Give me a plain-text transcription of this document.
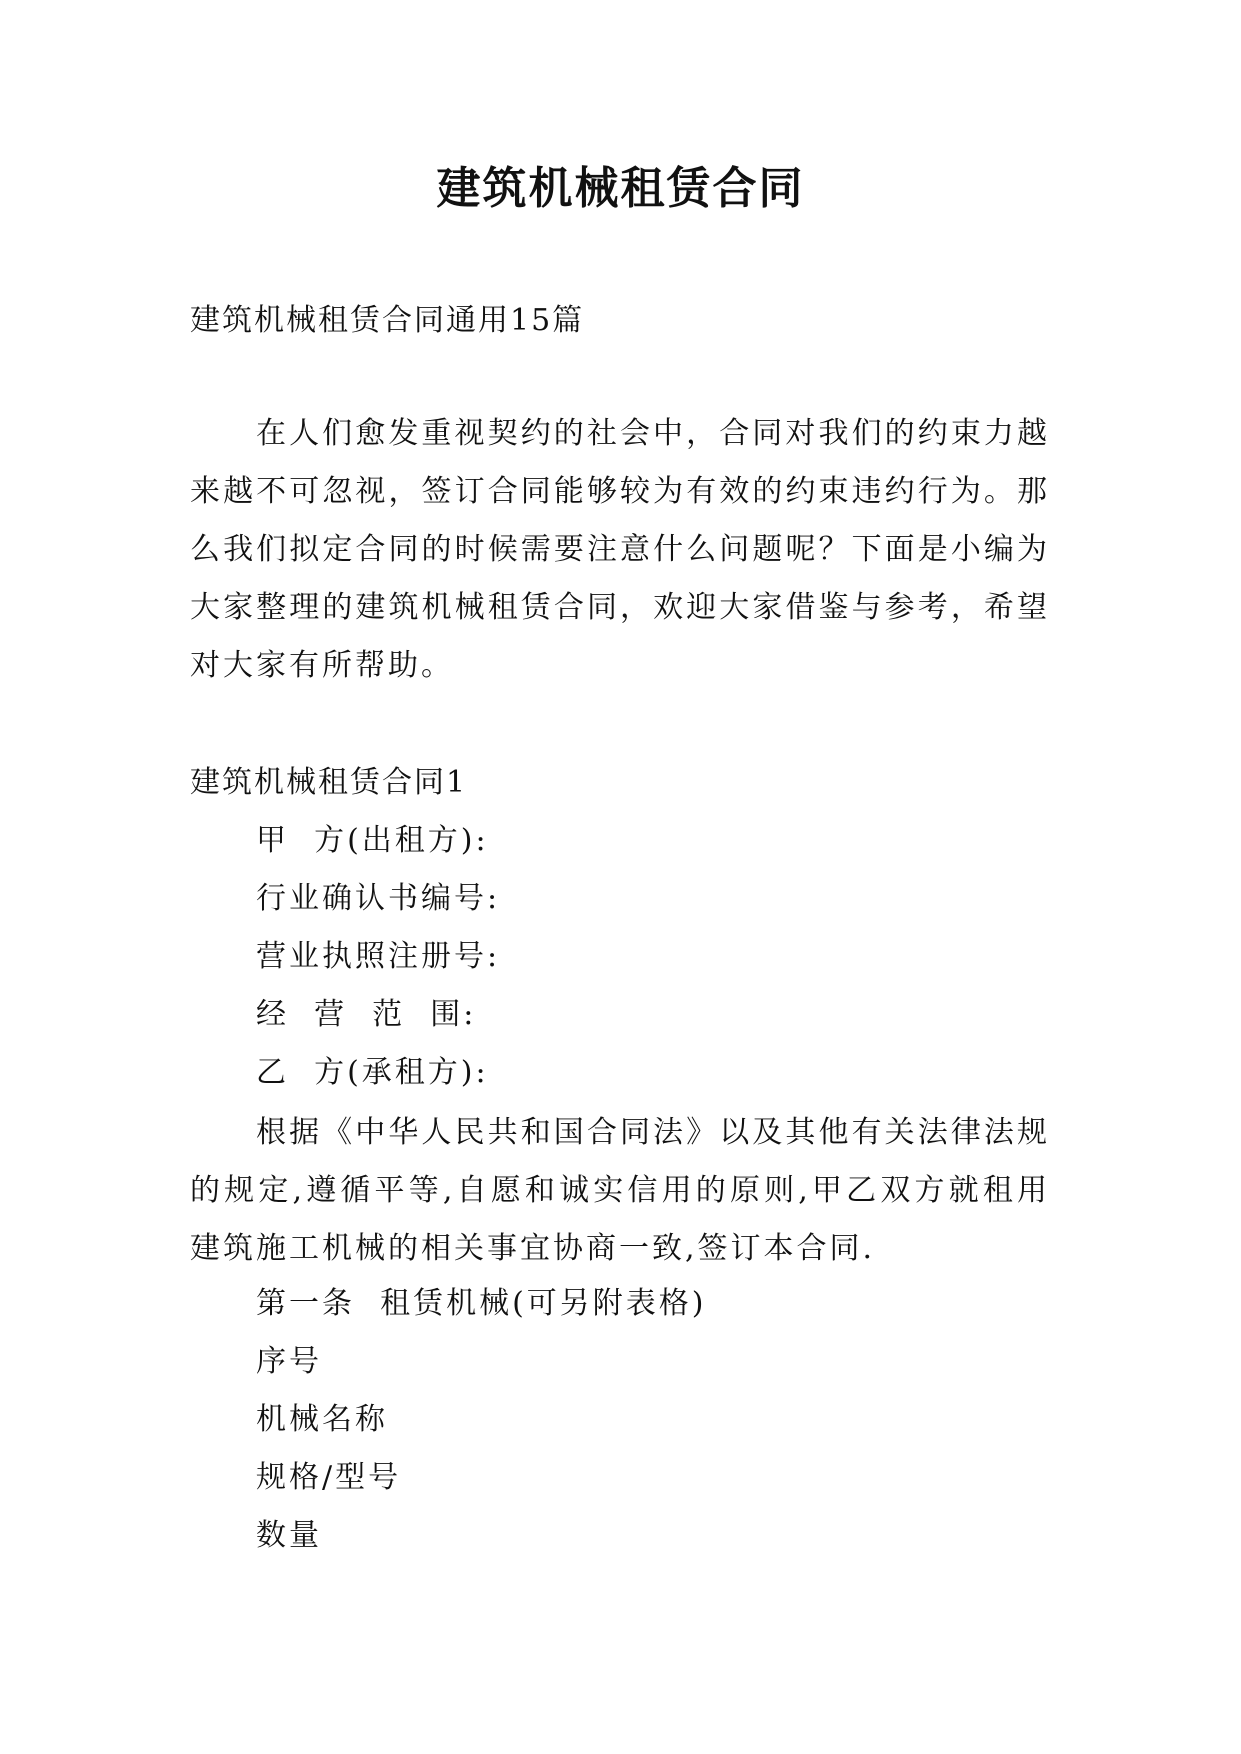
建筑机械租赁合同
建筑机械租赁合同通用15篇
在人们愈发重视契约的社会中，合同对我们的约束力越来越不可忽视，签订合同能够较为有效的约束违约行为。那么我们拟定合同的时候需要注意什么问题呢？下面是小编为大家整理的建筑机械租赁合同，欢迎大家借鉴与参考，希望对大家有所帮助。
建筑机械租赁合同1
甲  方(出租方):
行业确认书编号:
营业执照注册号:
经  营  范  围:
乙  方(承租方):
根据《中华人民共和国合同法》以及其他有关法律法规的规定,遵循平等,自愿和诚实信用的原则,甲乙双方就租用建筑施工机械的相关事宜协商一致,签订本合同.
第一条  租赁机械(可另附表格)
序号
机械名称
规格/型号
数量
